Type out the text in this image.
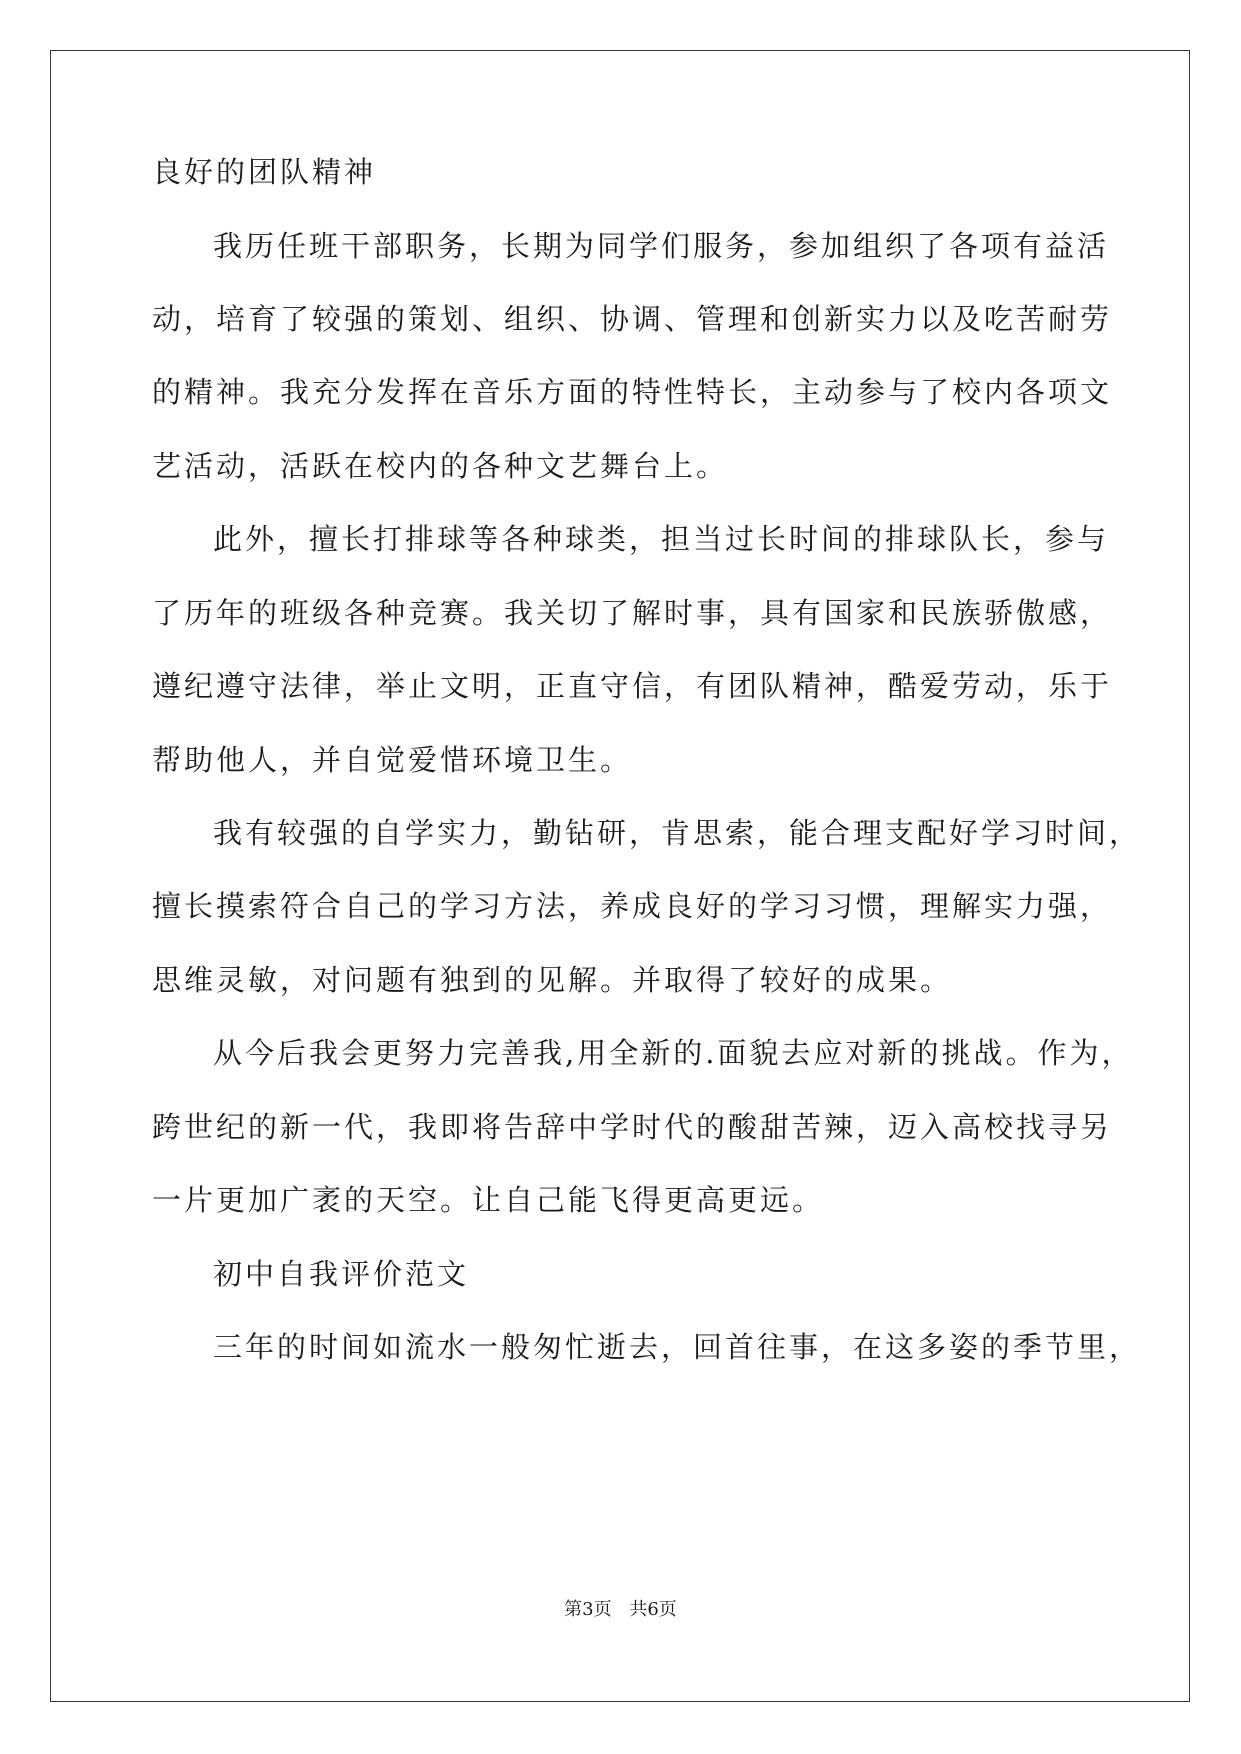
良好的团队精神
我历任班干部职务，长期为同学们服务，参加组织了各项有益活
动，培育了较强的策划、组织、协调、管理和创新实力以及吃苦耐劳
的精神。我充分发挥在音乐方面的特性特长，主动参与了校内各项文
艺活动，活跃在校内的各种文艺舞台上。
此外，擅长打排球等各种球类，担当过长时间的排球队长，参与
了历年的班级各种竞赛。我关切了解时事，具有国家和民族骄傲感，
遵纪遵守法律，举止文明，正直守信，有团队精神，酷爱劳动，乐于
帮助他人，并自觉爱惜环境卫生。
我有较强的自学实力，勤钻研，肯思索，能合理支配好学习时间，
擅长摸索符合自己的学习方法，养成良好的学习习惯，理解实力强，
思维灵敏，对问题有独到的见解。并取得了较好的成果。
从今后我会更努力完善我,用全新的.面貌去应对新的挑战。作为，
跨世纪的新一代，我即将告辞中学时代的酸甜苦辣，迈入高校找寻另
一片更加广袤的天空。让自己能飞得更高更远。
初中自我评价范文
三年的时间如流水一般匆忙逝去，回首往事，在这多姿的季节里，
第3页 共6页
